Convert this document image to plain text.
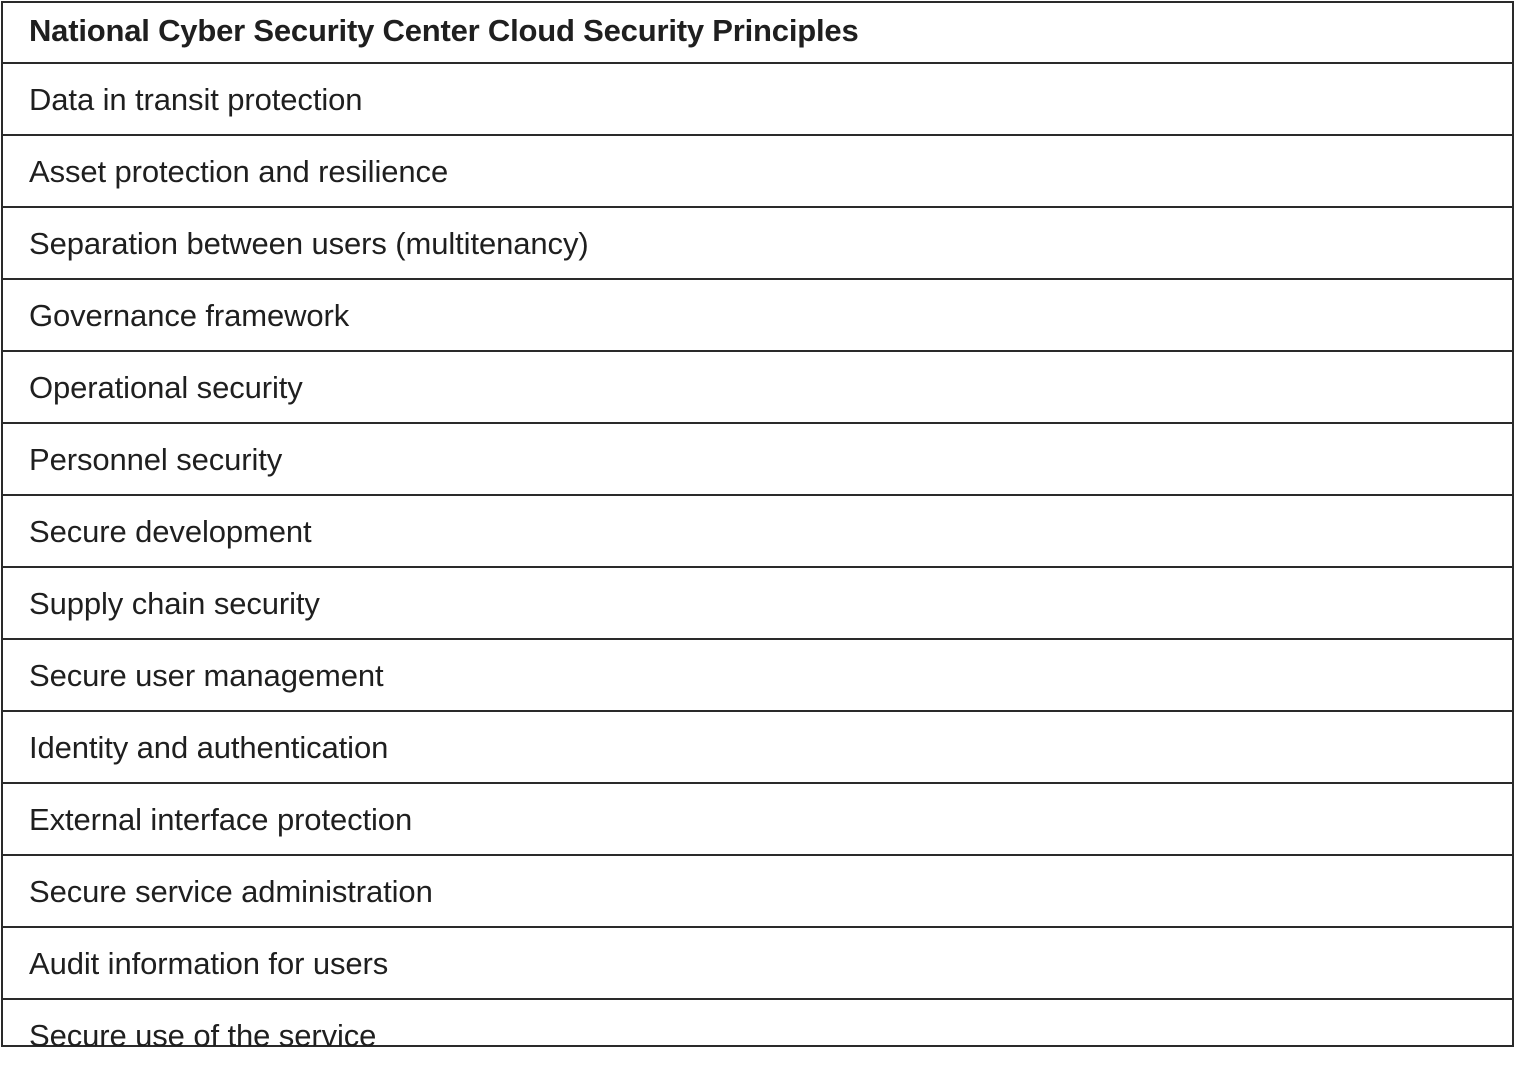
National Cyber Security Center Cloud Security Principles
Data in transit protection
Asset protection and resilience
Separation between users (multitenancy)
Governance framework
Operational security
Personnel security
Secure development
Supply chain security
Secure user management
Identity and authentication
External interface protection
Secure service administration
Audit information for users
Secure use of the service
